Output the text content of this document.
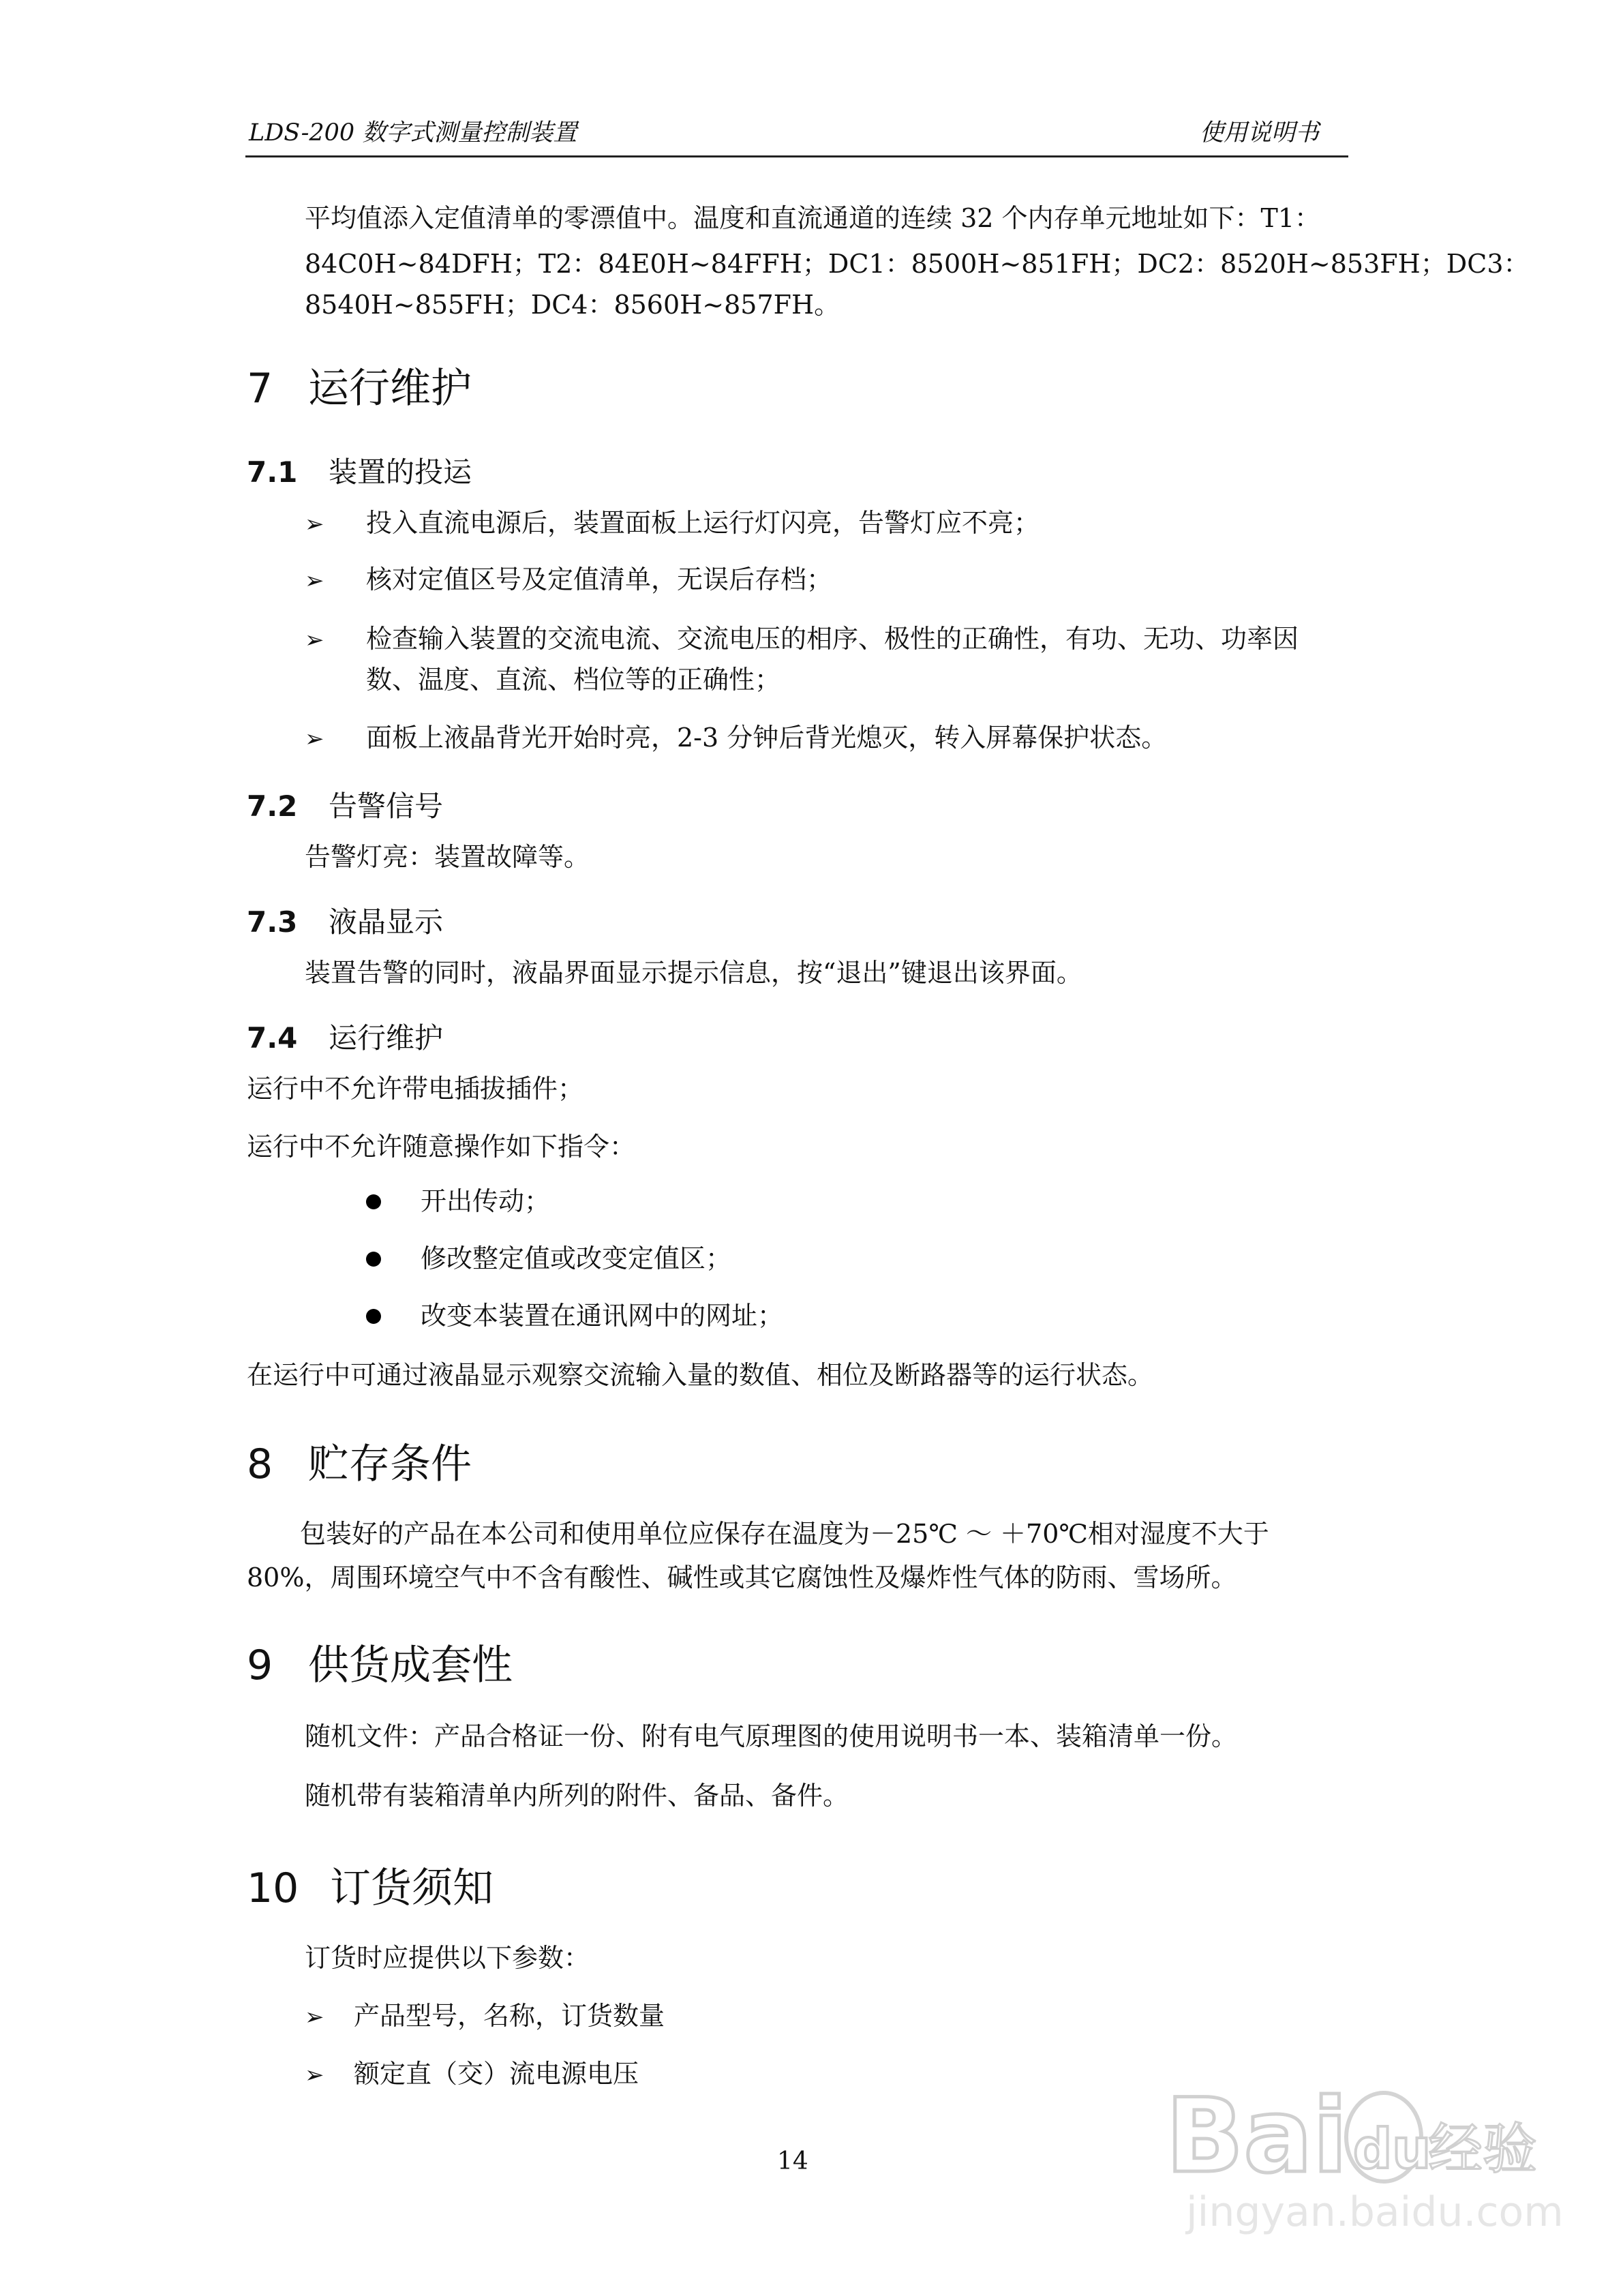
LDS-200 数字式测量控制装置	使用说明书
平均值添入定值清单的零漂值中。温度和直流通道的连续 32 个内存单元地址如下：T1：
84C0H~84DFH；T2：84E0H~84FFH；DC1：8500H~851FH；DC2：8520H~853FH；DC3：
8540H~855FH；DC4：8560H~857FH。
7 运行维护
7.1 装置的投运
➢ 投入直流电源后，装置面板上运行灯闪亮，告警灯应不亮；
➢ 核对定值区号及定值清单，无误后存档；
➢ 检查输入装置的交流电流、交流电压的相序、极性的正确性，有功、无功、功率因
数、温度、直流、档位等的正确性；
➢ 面板上液晶背光开始时亮，2-3 分钟后背光熄灭，转入屏幕保护状态。
7.2 告警信号
告警灯亮：装置故障等。
7.3 液晶显示
装置告警的同时，液晶界面显示提示信息，按“退出”键退出该界面。
7.4 运行维护
运行中不允许带电插拔插件；
运行中不允许随意操作如下指令：
开出传动；
修改整定值或改变定值区；
改变本装置在通讯网中的网址；
在运行中可通过液晶显示观察交流输入量的数值、相位及断路器等的运行状态。
8 贮存条件
包装好的产品在本公司和使用单位应保存在温度为－25℃ ～ ＋70℃相对湿度不大于
80%，周围环境空气中不含有酸性、碱性或其它腐蚀性及爆炸性气体的防雨、雪场所。
9 供货成套性
随机文件：产品合格证一份、附有电气原理图的使用说明书一本、装箱清单一份。
随机带有装箱清单内所列的附件、备品、备件。
10 订货须知
订货时应提供以下参数：
➢ 产品型号，名称，订货数量
➢ 额定直（交）流电源电压
14	Bai du
经验
jingyan.baidu.com
